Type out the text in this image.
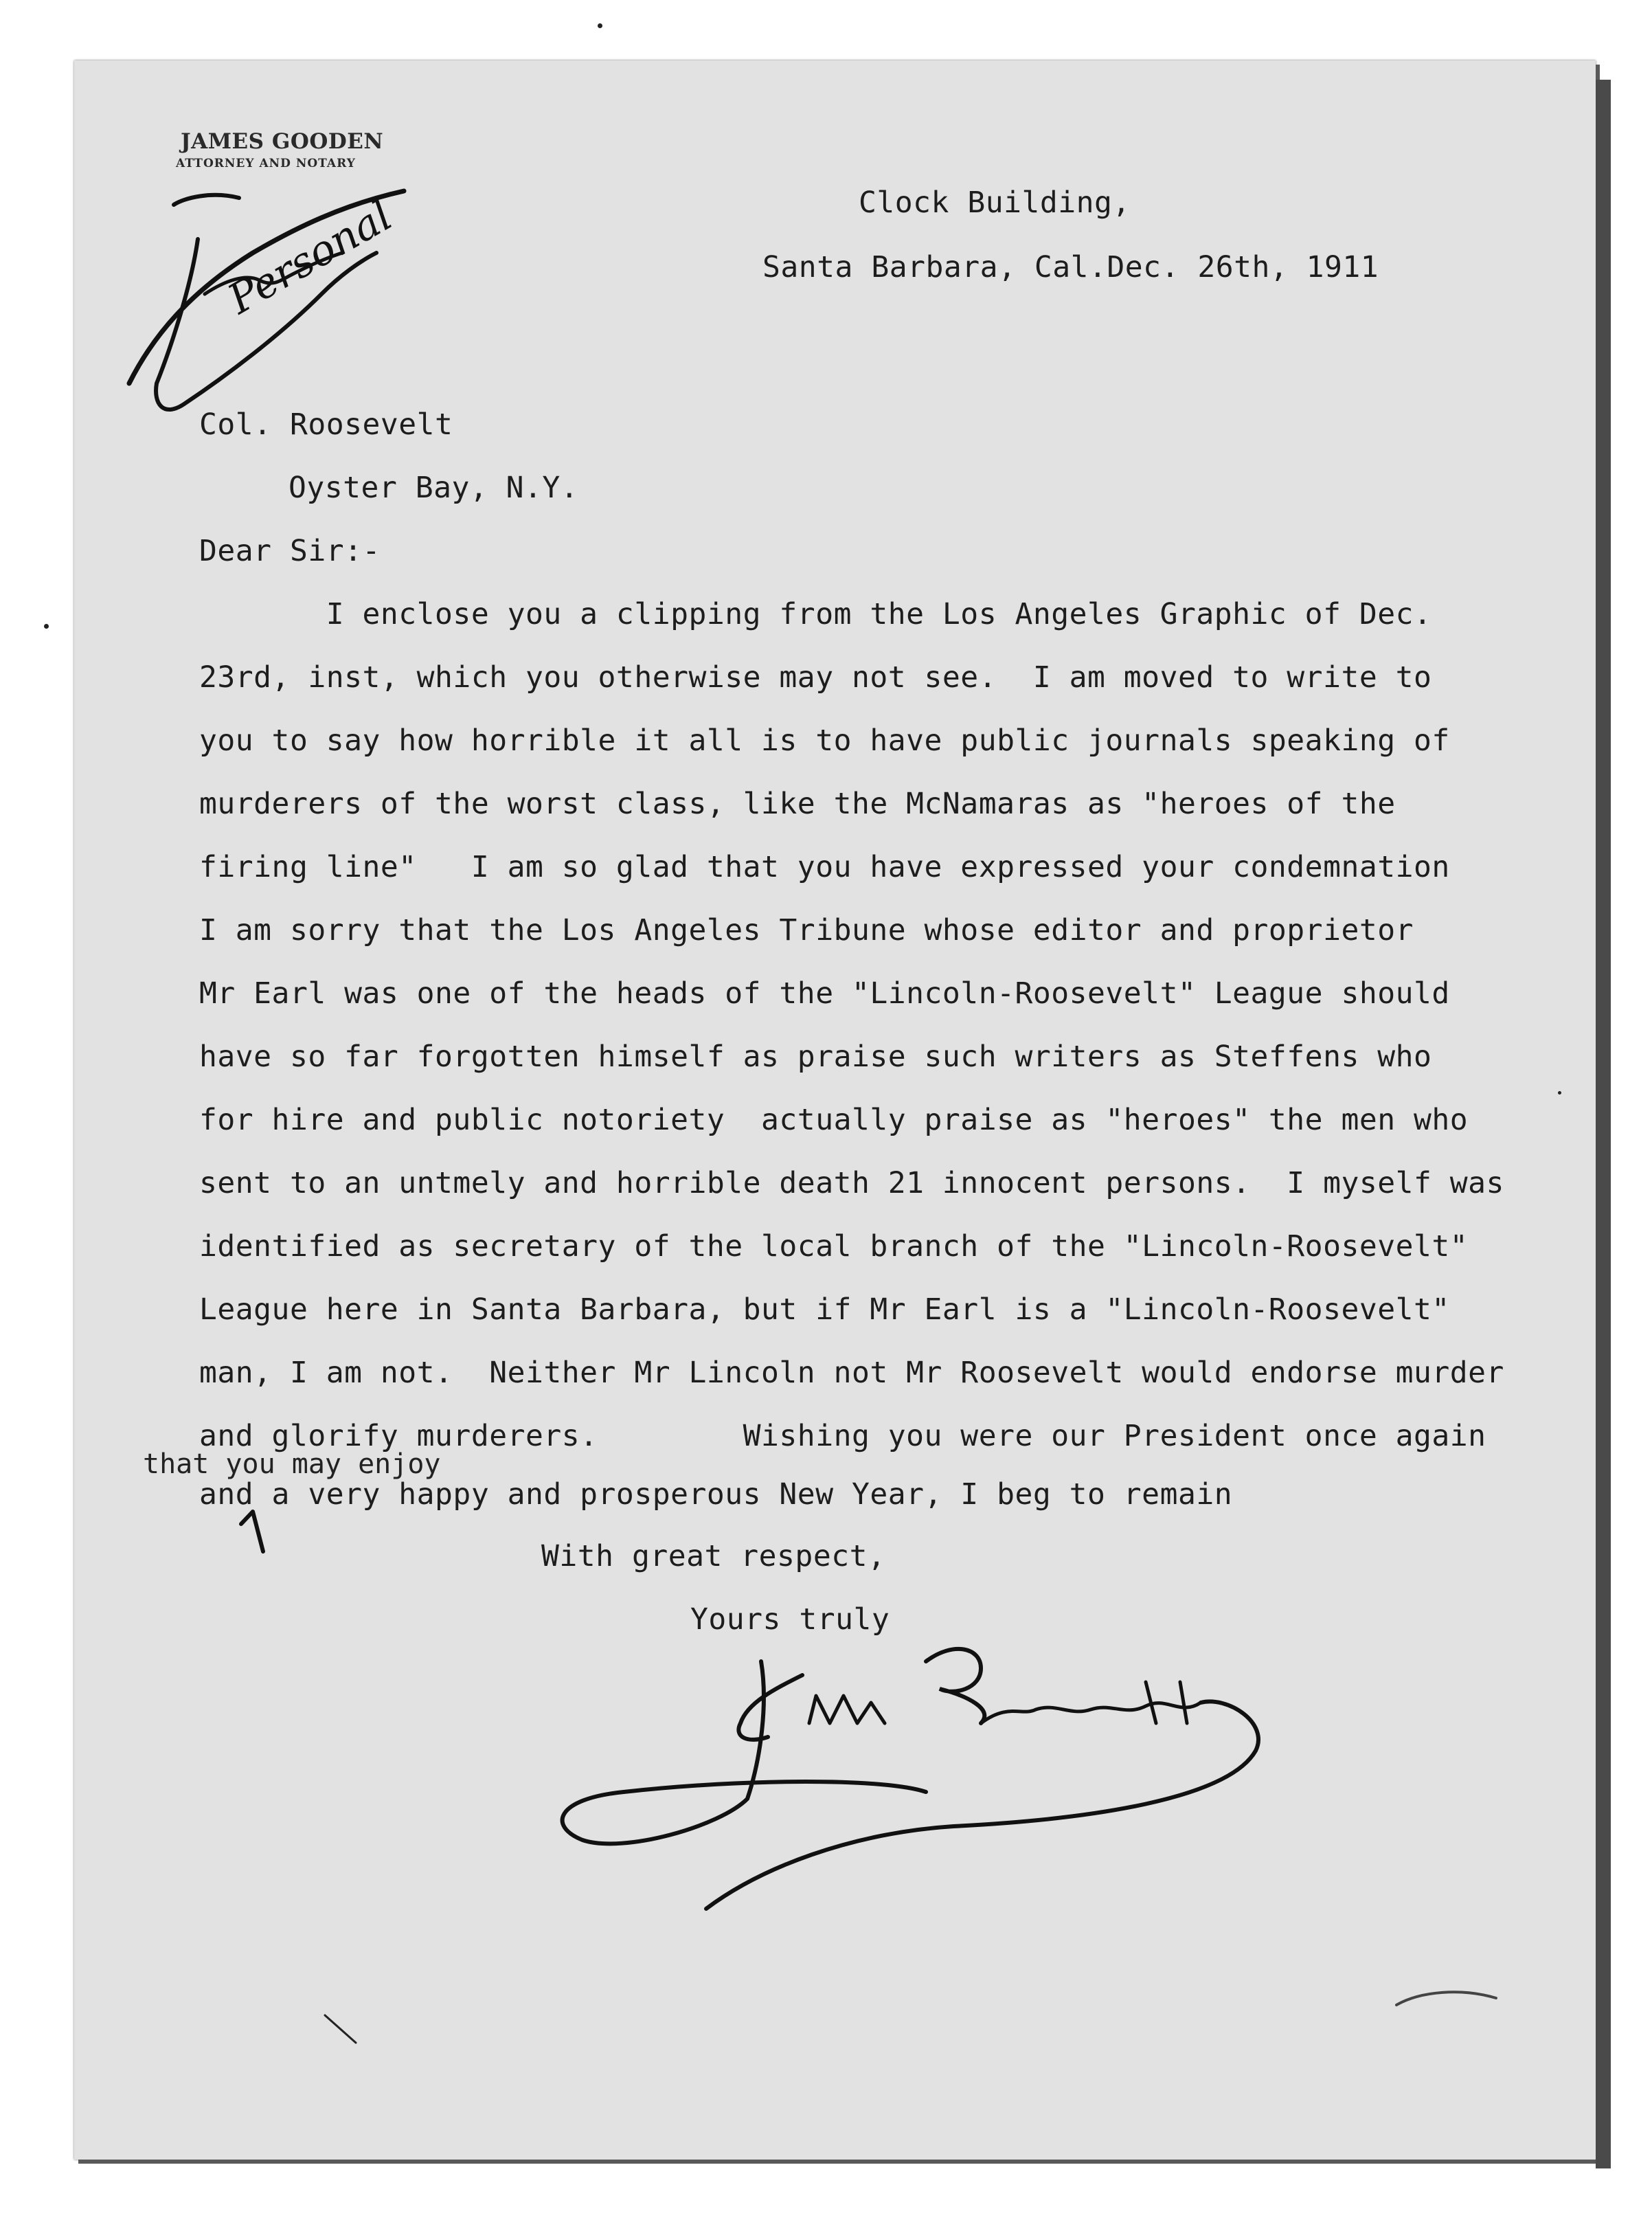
JAMES GOODEN
ATTORNEY AND NOTARY
Personal	Clock Building,
Santa Barbara, Cal.Dec. 26th, 1911
Col. Roosevelt
Oyster Bay, N.Y.
Dear Sir:-
I enclose you a clipping from the Los Angeles Graphic of Dec.
23rd, inst, which you otherwise may not see.  I am moved to write to
you to say how horrible it all is to have public journals speaking of
murderers of the worst class, like the McNamaras as "heroes of the
firing line"   I am so glad that you have expressed your condemnation
I am sorry that the Los Angeles Tribune whose editor and proprietor
Mr Earl was one of the heads of the "Lincoln-Roosevelt" League should
have so far forgotten himself as praise such writers as Steffens who
for hire and public notoriety  actually praise as "heroes" the men who
sent to an untmely and horrible death 21 innocent persons.  I myself was
identified as secretary of the local branch of the "Lincoln-Roosevelt"
League here in Santa Barbara, but if Mr Earl is a "Lincoln-Roosevelt"
man, I am not.  Neither Mr Lincoln not Mr Roosevelt would endorse murder
and glorify murderers.        Wishing you were our President once again
that you may enjoy
and a very happy and prosperous New Year, I beg to remain
With great respect,
Yours truly
